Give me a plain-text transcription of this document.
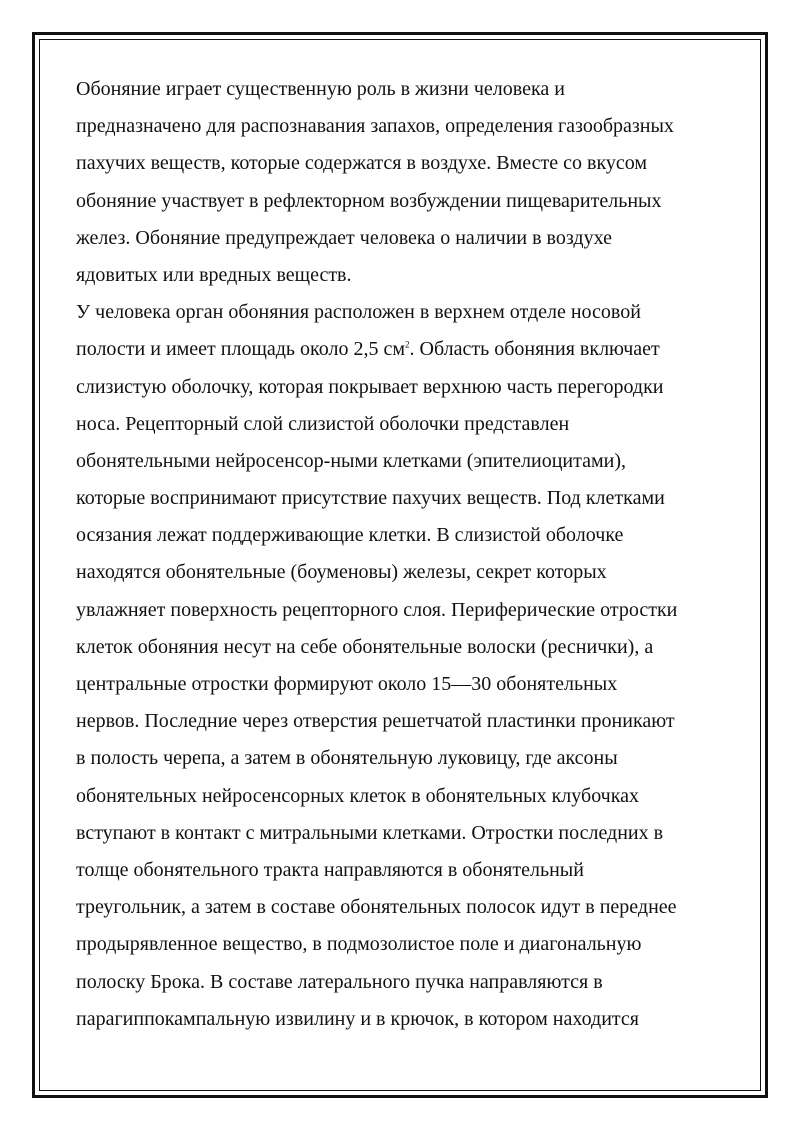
Обоняние играет существенную роль в жизни человека и
предназначено для распознавания запахов, определения газообразных
пахучих веществ, которые содержатся в воздухе. Вместе со вкусом
обоняние участвует в рефлекторном возбуждении пищеварительных
желез. Обоняние предупреждает человека о наличии в воздухе
ядовитых или вредных веществ.
У человека орган обоняния расположен в верхнем отделе носовой
полости и имеет площадь около 2,5 $см^2$. Область обоняния включает
слизистую оболочку, которая покрывает верхнюю часть перегородки
носа. Рецепторный слой слизистой оболочки представлен
обонятельными нейросенсор-ными клетками (эпителиоцитами),
которые воспринимают присутствие пахучих веществ. Под клетками
осязания лежат поддерживающие клетки. В слизистой оболочке
находятся обонятельные (боуменовы) железы, секрет которых
увлажняет поверхность рецепторного слоя. Периферические отростки
клеток обоняния несут на себе обонятельные волоски (реснички), а
центральные отростки формируют около 15—30 обонятельных
нервов. Последние через отверстия решетчатой пластинки проникают
в полость черепа, а затем в обонятельную луковицу, где аксоны
обонятельных нейросенсорных клеток в обонятельных клубочках
вступают в контакт с митральными клетками. Отростки последних в
толще обонятельного тракта направляются в обонятельный
треугольник, а затем в составе обонятельных полосок идут в переднее
продырявленное вещество, в подмозолистое поле и диагональную
полоску Брока. В составе латерального пучка направляются в
парагиппокампальную извилину и в крючок, в котором находится
